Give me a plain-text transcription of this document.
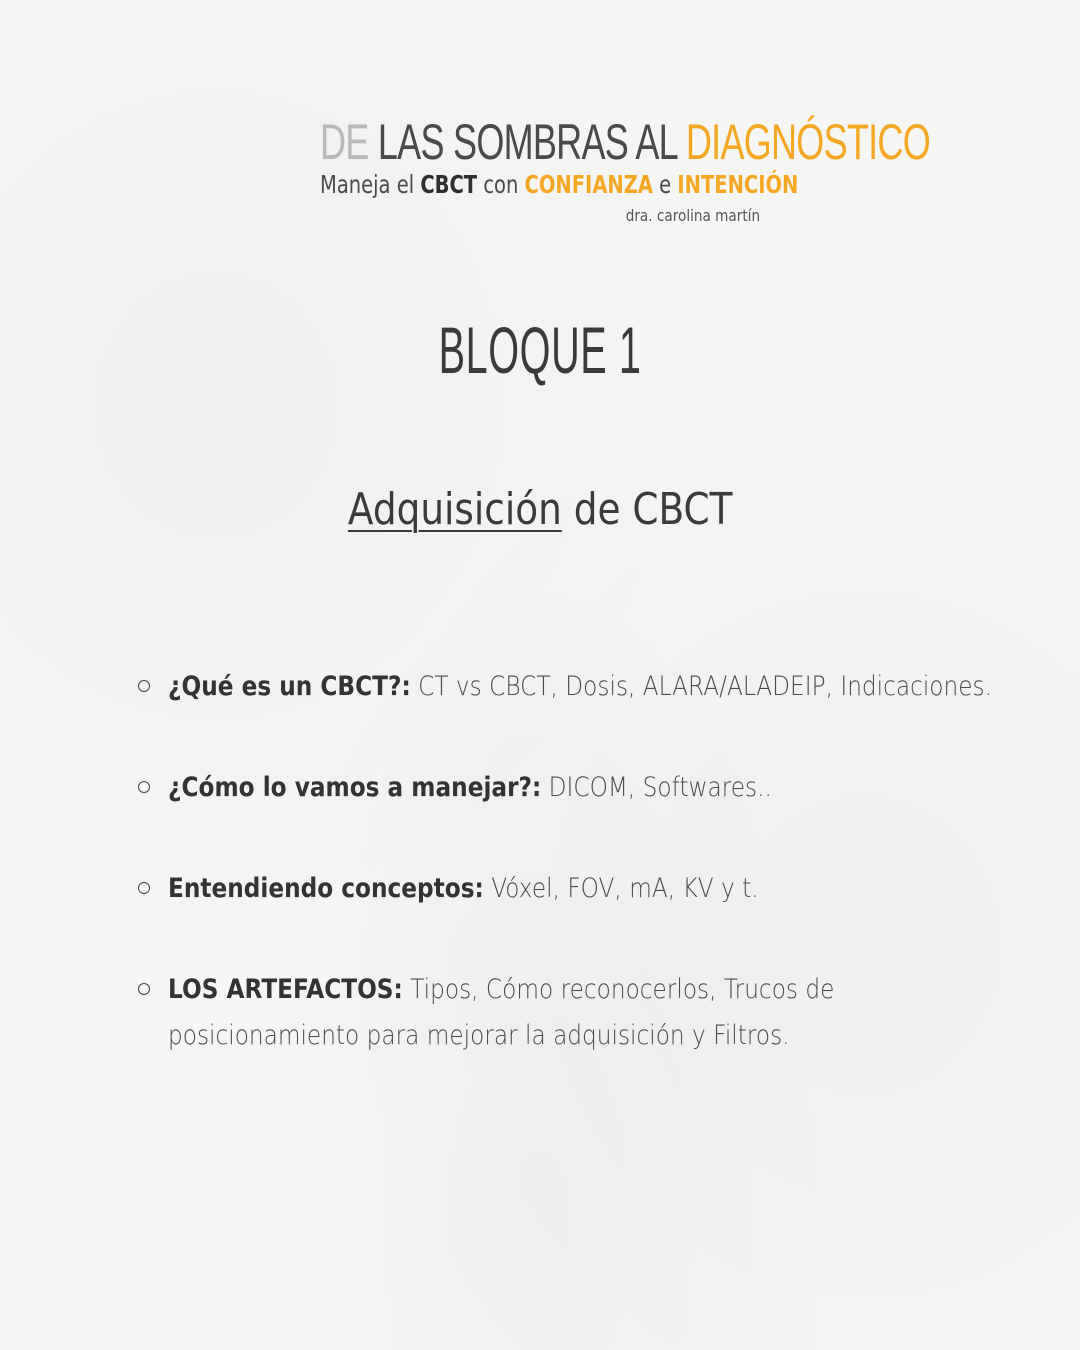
DE LAS SOMBRAS AL DIAGNÓSTICO
Maneja el CBCT con CONFIANZA e INTENCIÓN
dra. carolina martín
BLOQUE 1
Adquisición de CBCT
¿Qué es un CBCT?: CT vs CBCT, Dosis, ALARA/ALADEIP, Indicaciones.
¿Cómo lo vamos a manejar?: DICOM, Softwares..
Entendiendo conceptos: Vóxel, FOV, mA, KV y t.
LOS ARTEFACTOS: Tipos, Cómo reconocerlos, Trucos de posicionamiento para mejorar la adquisición y Filtros.
